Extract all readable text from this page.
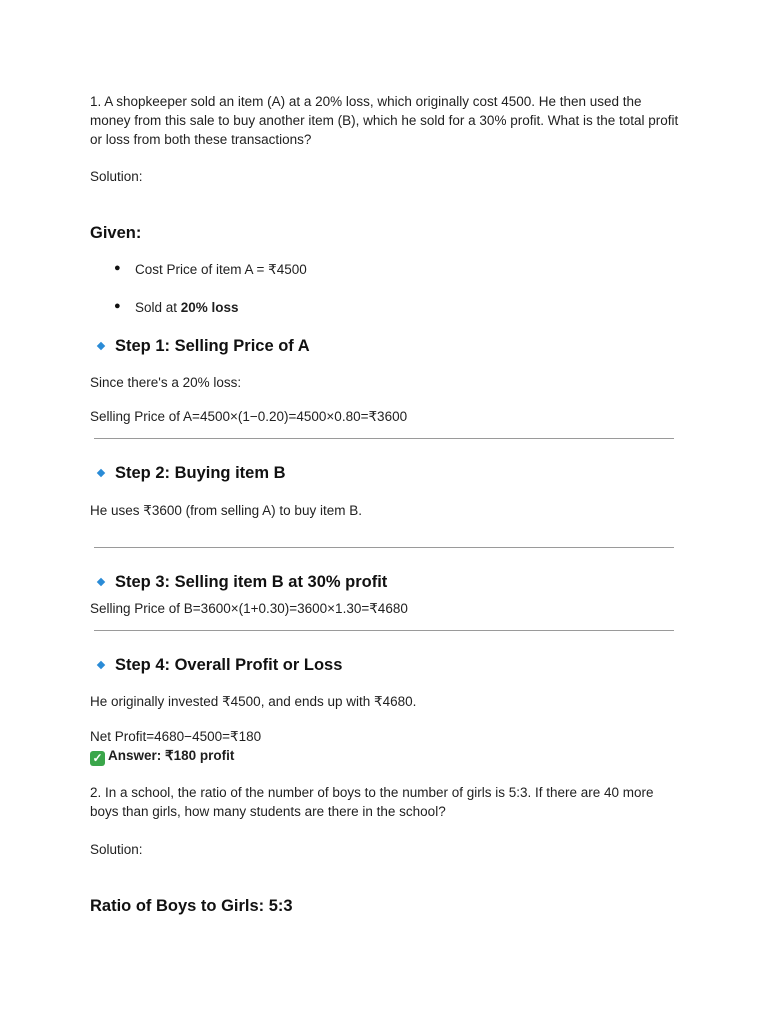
1. A shopkeeper sold an item (A) at a 20% loss, which originally cost 4500. He then used the money from this sale to buy another item (B), which he sold for a 30% profit. What is the total profit or loss from both these transactions?
Solution:
Given:
● Cost Price of item A = ₹4500
● Sold at 20% loss
Step 1: Selling Price of A
Since there's a 20% loss:
Selling Price of A=4500×(1−0.20)=4500×0.80=₹3600
Step 2: Buying item B
He uses ₹3600 (from selling A) to buy item B.
Step 3: Selling item B at 30% profit
Selling Price of B=3600×(1+0.30)=3600×1.30=₹4680
Step 4: Overall Profit or Loss
He originally invested ₹4500, and ends up with ₹4680.
Net Profit=4680−4500=₹180
✓ Answer: ₹180 profit
2. In a school, the ratio of the number of boys to the number of girls is 5:3. If there are 40 more boys than girls, how many students are there in the school?
Solution:
Ratio of Boys to Girls: 5:3
